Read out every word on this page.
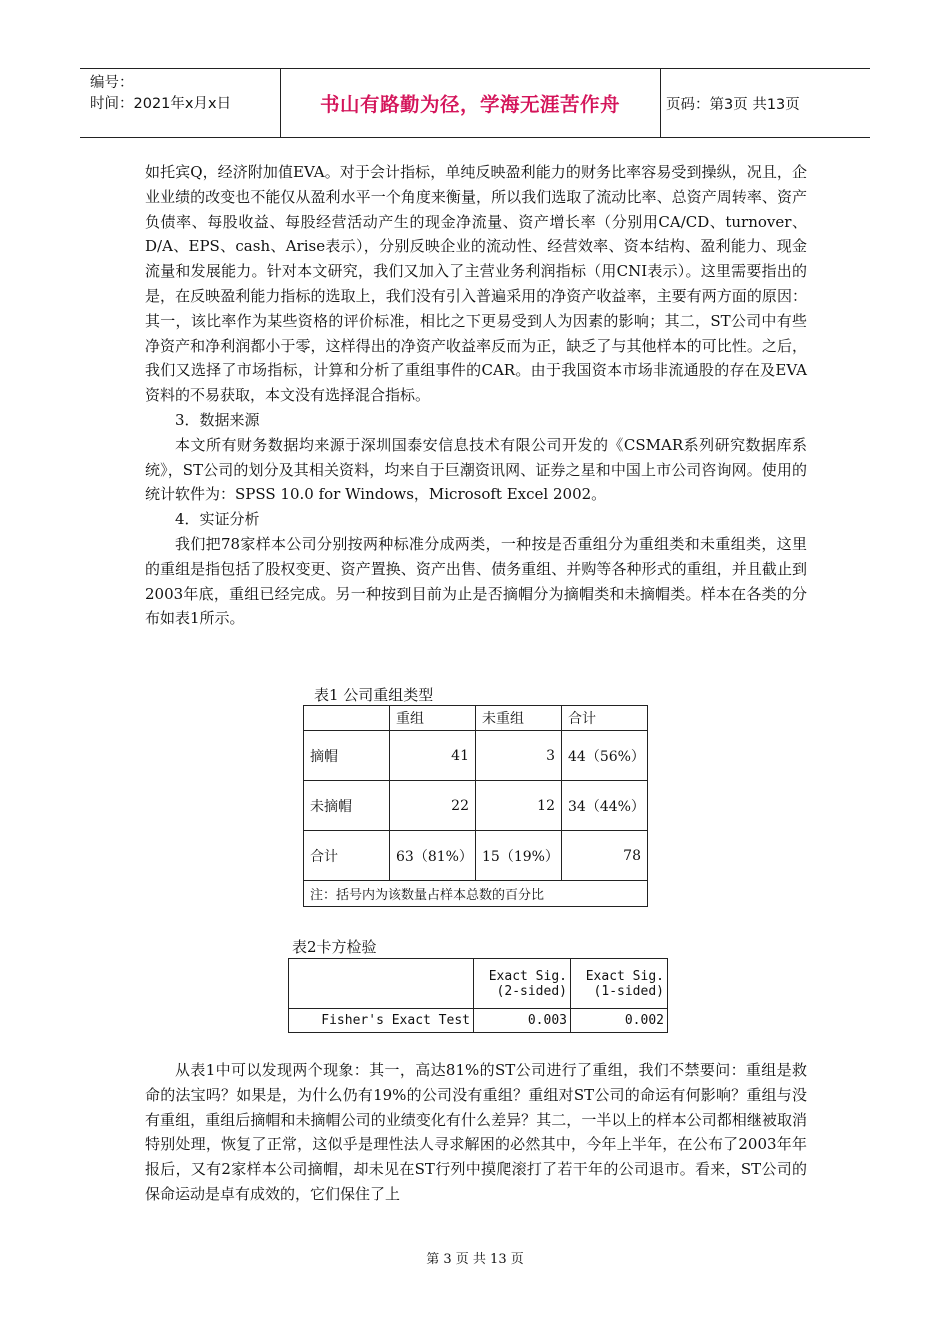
编号：
时间：2021年x月x日	书山有路勤为径，学海无涯苦作舟	页码：第3页 共13页

如托宾Q，经济附加值EVA。对于会计指标，单纯反映盈利能力的财务比率容易受到操纵，况且，企业业绩的改变也不能仅从盈利水平一个角度来衡量，所以我们选取了流动比率、总资产周转率、资产负债率、每股收益、每股经营活动产生的现金净流量、资产增长率（分别用CA/CD、turnover、D/A、EPS、cash、Arise表示），分别反映企业的流动性、经营效率、资本结构、盈利能力、现金流量和发展能力。针对本文研究，我们又加入了主营业务利润指标（用CNI表示）。这里需要指出的是，在反映盈利能力指标的选取上，我们没有引入普遍采用的净资产收益率，主要有两方面的原因：其一，该比率作为某些资格的评价标准，相比之下更易受到人为因素的影响；其二，ST公司中有些净资产和净利润都小于零，这样得出的净资产收益率反而为正，缺乏了与其他样本的可比性。之后，我们又选择了市场指标，计算和分析了重组事件的CAR。由于我国资本市场非流通股的存在及EVA资料的不易获取，本文没有选择混合指标。

3．数据来源

本文所有财务数据均来源于深圳国泰安信息技术有限公司开发的《CSMAR系列研究数据库系统》，ST公司的划分及其相关资料，均来自于巨潮资讯网、证券之星和中国上市公司咨询网。使用的统计软件为：SPSS 10.0 for Windows，Microsoft Excel 2002。

4．实证分析

我们把78家样本公司分别按两种标准分成两类，一种按是否重组分为重组类和未重组类，这里的重组是指包括了股权变更、资产置换、资产出售、债务重组、并购等各种形式的重组，并且截止到2003年底，重组已经完成。另一种按到目前为止是否摘帽分为摘帽类和未摘帽类。样本在各类的分布如表1所示。

表1 公司重组类型
	重组	未重组	合计
摘帽	41	3	44（56%）
未摘帽	22	12	34（44%）
合计	63（81%）	15（19%）	78
注：括号内为该数量占样本总数的百分比			
表2卡方检验
	Exact Sig. (2-sided)	Exact Sig. (1-sided)
Fisher's Exact Test	0.003	0.002

从表1中可以发现两个现象：其一，高达81%的ST公司进行了重组，我们不禁要问：重组是救命的法宝吗？如果是，为什么仍有19%的公司没有重组？重组对ST公司的命运有何影响？重组与没有重组，重组后摘帽和未摘帽公司的业绩变化有什么差异？其二，一半以上的样本公司都相继被取消特别处理，恢复了正常，这似乎是理性法人寻求解困的必然其中，今年上半年，在公布了2003年年报后，又有2家样本公司摘帽，却未见在ST行列中摸爬滚打了若干年的公司退市。看来，ST公司的保命运动是卓有成效的，它们保住了上

第 3 页 共 13 页
